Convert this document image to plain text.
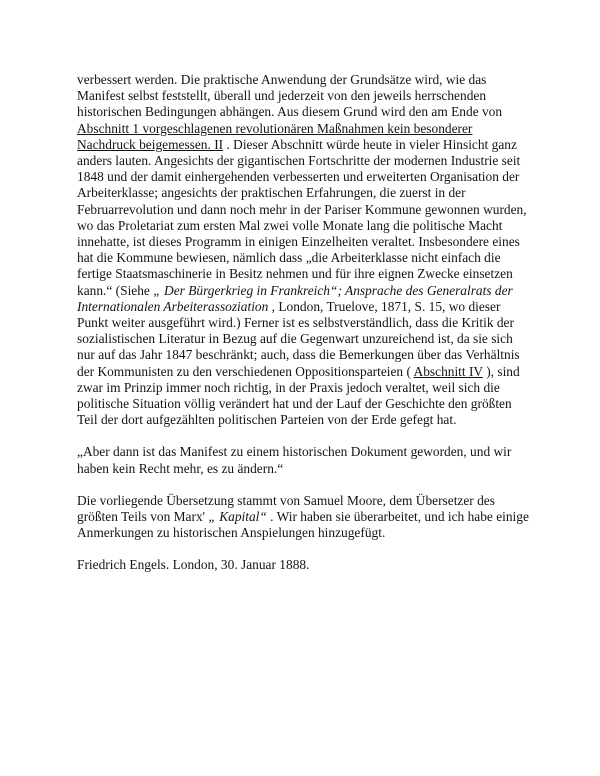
verbessert werden. Die praktische Anwendung der Grundsätze wird, wie das Manifest selbst feststellt, überall und jederzeit von den jeweils herrschenden historischen Bedingungen abhängen. Aus diesem Grund wird den am Ende von Abschnitt 1 vorgeschlagenen revolutionären Maßnahmen kein besonderer Nachdruck beigemessen. II . Dieser Abschnitt würde heute in vieler Hinsicht ganz anders lauten. Angesichts der gigantischen Fortschritte der modernen Industrie seit 1848 und der damit einhergehenden verbesserten und erweiterten Organisation der Arbeiterklasse; angesichts der praktischen Erfahrungen, die zuerst in der Februarrevolution und dann noch mehr in der Pariser Kommune gewonnen wurden, wo das Proletariat zum ersten Mal zwei volle Monate lang die politische Macht innehatte, ist dieses Programm in einigen Einzelheiten veraltet. Insbesondere eines hat die Kommune bewiesen, nämlich dass „die Arbeiterklasse nicht einfach die fertige Staatsmaschinerie in Besitz nehmen und für ihre eignen Zwecke einsetzen kann.“ (Siehe „ Der Bürgerkrieg in Frankreich“; Ansprache des Generalrats der Internationalen Arbeiterassoziation , London, Truelove, 1871, S. 15, wo dieser Punkt weiter ausgeführt wird.) Ferner ist es selbstverständlich, dass die Kritik der sozialistischen Literatur in Bezug auf die Gegenwart unzureichend ist, da sie sich nur auf das Jahr 1847 beschränkt; auch, dass die Bemerkungen über das Verhältnis der Kommunisten zu den verschiedenen Oppositionsparteien ( Abschnitt IV ), sind zwar im Prinzip immer noch richtig, in der Praxis jedoch veraltet, weil sich die politische Situation völlig verändert hat und der Lauf der Geschichte den größten Teil der dort aufgezählten politischen Parteien von der Erde gefegt hat.

„Aber dann ist das Manifest zu einem historischen Dokument geworden, und wir haben kein Recht mehr, es zu ändern.“

Die vorliegende Übersetzung stammt von Samuel Moore, dem Übersetzer des größten Teils von Marx' „ Kapital“ . Wir haben sie überarbeitet, und ich habe einige Anmerkungen zu historischen Anspielungen hinzugefügt.

Friedrich Engels. London, 30. Januar 1888.
